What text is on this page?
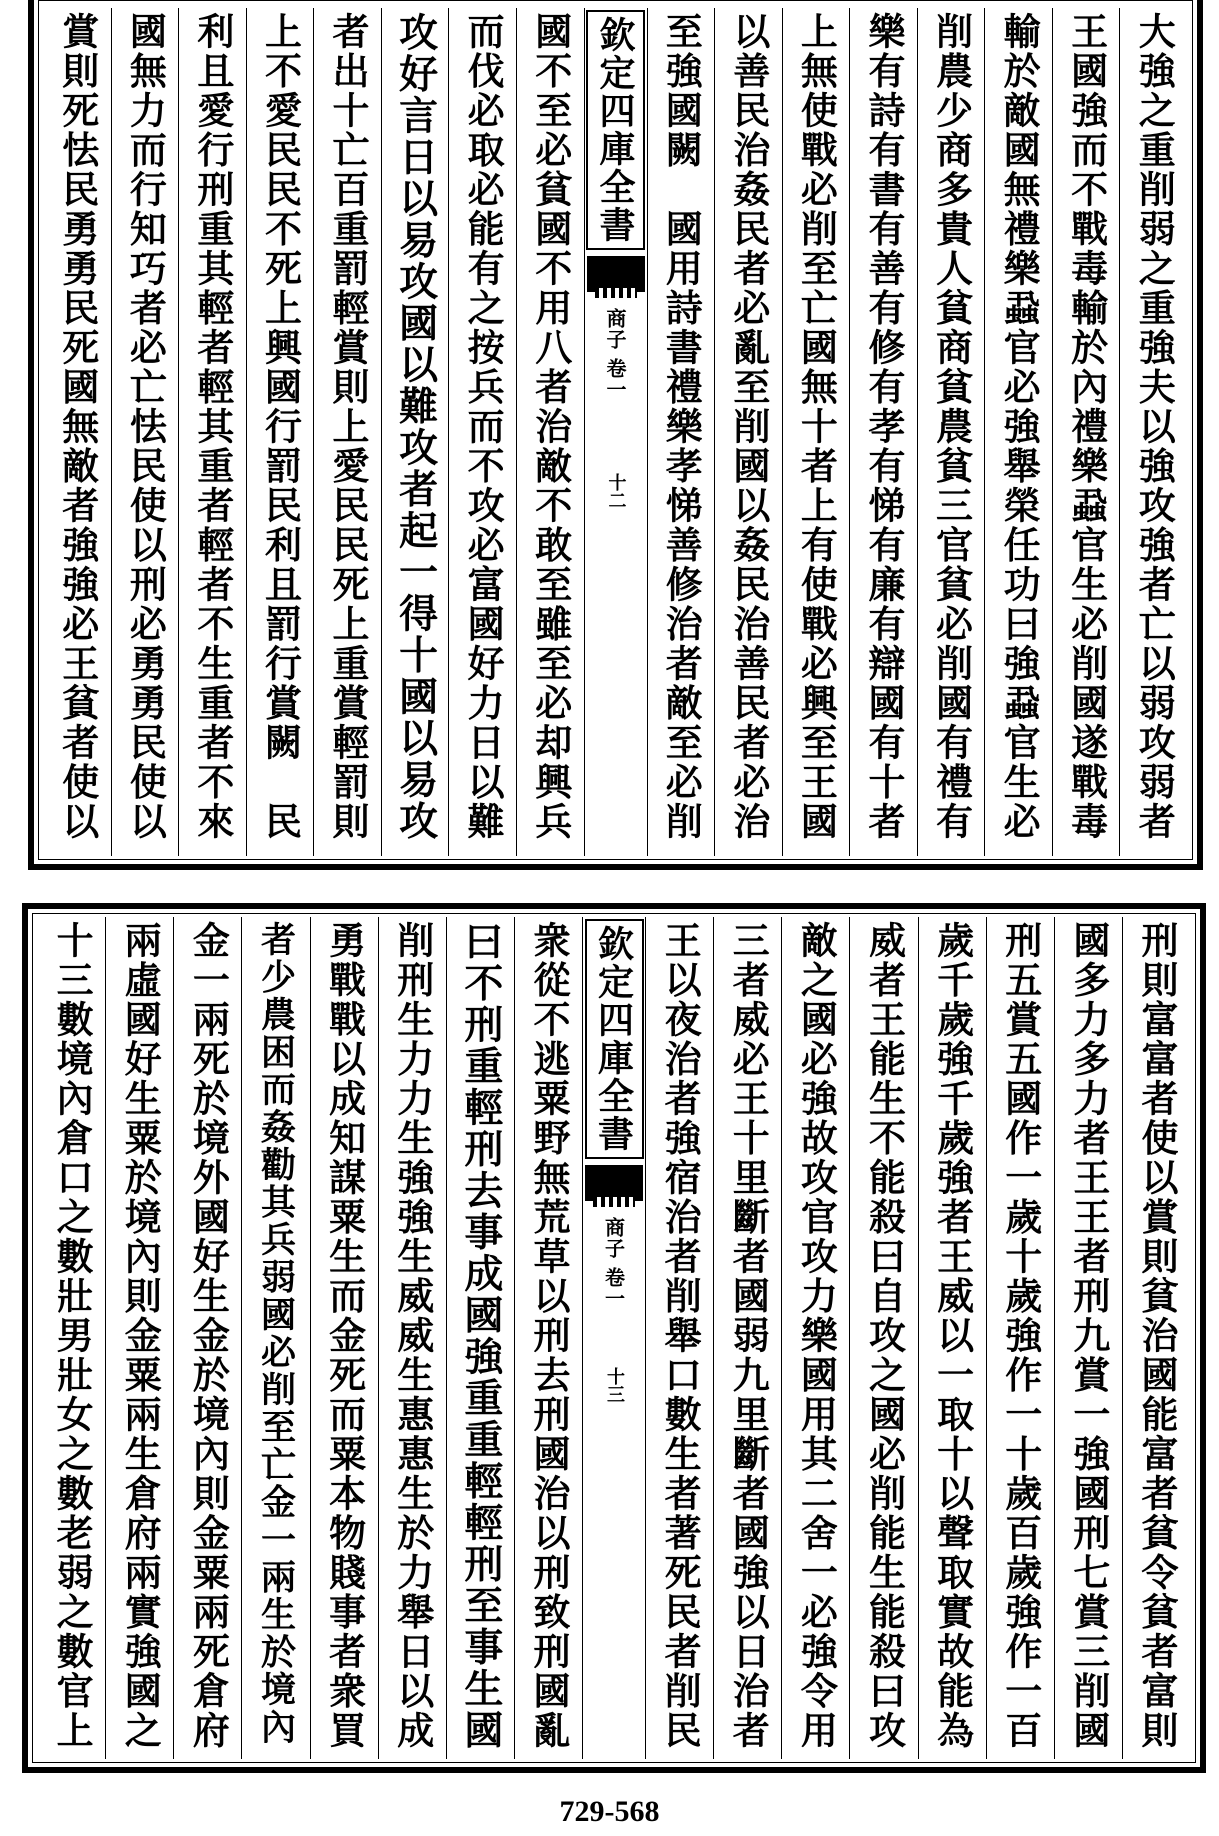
大強之重削弱之重強夫以強攻強者亡以弱攻弱者
王國強而不戰毒輸於內禮樂蝨官生必削國遂戰毒
輸於敵國無禮樂蝨官必強舉榮任功曰強蝨官生必
削農少商多貴人貧商貧農貧三官貧必削國有禮有
樂有詩有書有善有修有孝有悌有廉有辯國有十者
上無使戰必削至亡國無十者上有使戰必興至王國
以善民治姦民者必亂至削國以姦民治善民者必治
至強國闕　國用詩書禮樂孝悌善修治者敵至必削
欽定四庫全書
商子 卷一
十二
國不至必貧國不用八者治敵不敢至雖至必却興兵
而伐必取必能有之按兵而不攻必富國好力日以難
攻好言日以易攻國以難攻者起一得十國以易攻
者出十亡百重罰輕賞則上愛民民死上重賞輕罰則
上不愛民民不死上興國行罰民利且罰行賞闕　民
利且愛行刑重其輕者輕其重者輕者不生重者不來
國無力而行知巧者必亡怯民使以刑必勇勇民使以
賞則死怯民勇勇民死國無敵者強強必王貧者使以
刑則富富者使以賞則貧治國能富者貧令貧者富則
國多力多力者王王者刑九賞一強國刑七賞三削國
刑五賞五國作一歲十歲強作一十歲百歲強作一百
歲千歲強千歲強者王威以一取十以聲取實故能為
威者王能生不能殺曰自攻之國必削能生能殺曰攻
敵之國必強故攻官攻力樂國用其二舍一必強令用
三者威必王十里斷者國弱九里斷者國強以日治者
王以夜治者強宿治者削舉口數生者著死民者削民
欽定四庫全書
商子 卷一
十三
衆從不逃粟野無荒草以刑去刑國治以刑致刑國亂
曰不刑重輕刑去事成國強重重輕輕刑至事生國
削刑生力力生強強生威威生惠惠生於力舉日以成
勇戰戰以成知謀粟生而金死而粟本物賤事者衆買
者少農困而姦勸其兵弱國必削至亡金一兩生於境內
金一兩死於境外國好生金於境內則金粟兩死倉府
兩虛國好生粟於境內則金粟兩生倉府兩實強國之
十三數境內倉口之數壯男壯女之數老弱之數官上
729-568
